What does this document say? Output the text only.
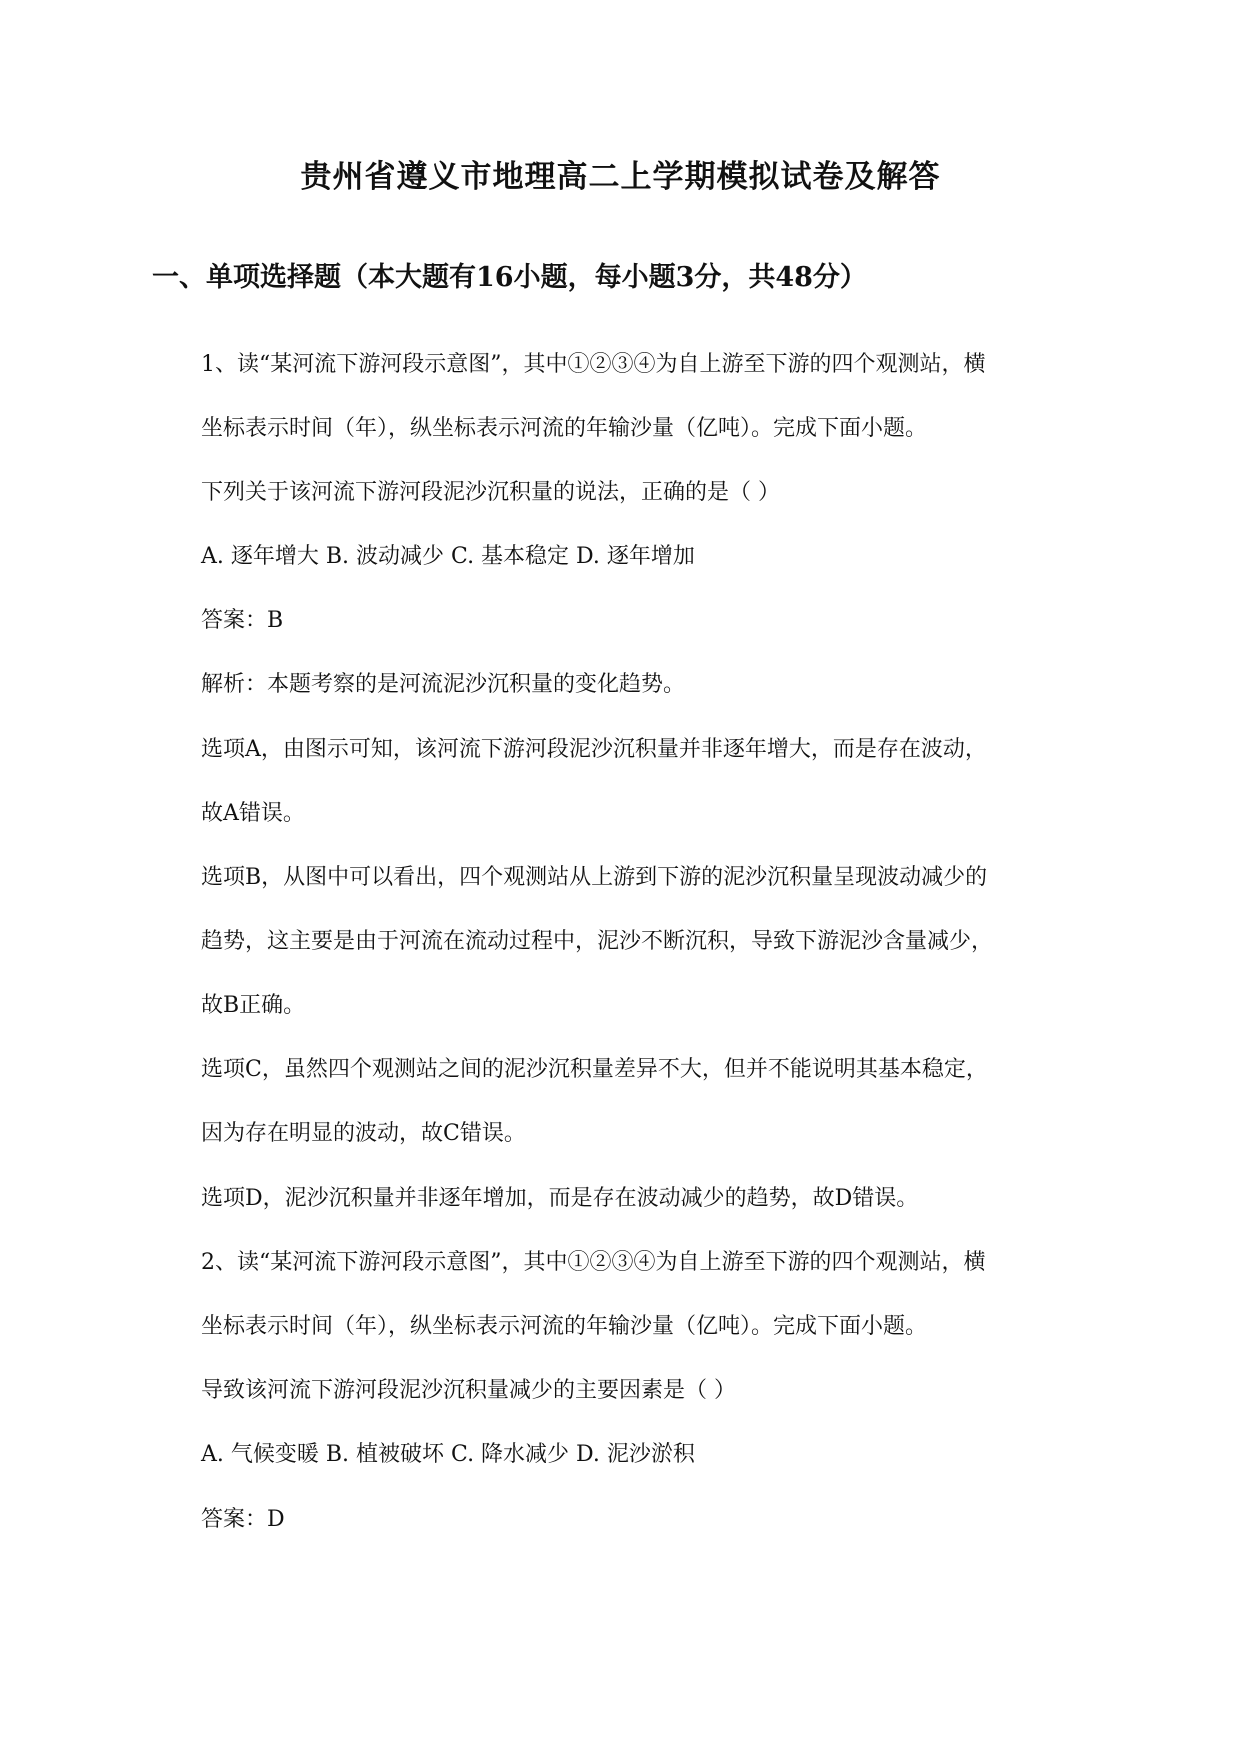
贵州省遵义市地理高二上学期模拟试卷及解答
一、单项选择题（本大题有16小题，每小题3分，共48分）
1、读“某河流下游河段示意图”，其中①②③④为自上游至下游的四个观测站，横
坐标表示时间（年），纵坐标表示河流的年输沙量（亿吨）。完成下面小题。
下列关于该河流下游河段泥沙沉积量的说法，正确的是（ ）
A. 逐年增大 B. 波动减少 C. 基本稳定 D. 逐年增加
答案：B
解析：本题考察的是河流泥沙沉积量的变化趋势。
选项A，由图示可知，该河流下游河段泥沙沉积量并非逐年增大，而是存在波动，
故A错误。
选项B，从图中可以看出，四个观测站从上游到下游的泥沙沉积量呈现波动减少的
趋势，这主要是由于河流在流动过程中，泥沙不断沉积，导致下游泥沙含量减少，
故B正确。
选项C，虽然四个观测站之间的泥沙沉积量差异不大，但并不能说明其基本稳定，
因为存在明显的波动，故C错误。
选项D，泥沙沉积量并非逐年增加，而是存在波动减少的趋势，故D错误。
2、读“某河流下游河段示意图”，其中①②③④为自上游至下游的四个观测站，横
坐标表示时间（年），纵坐标表示河流的年输沙量（亿吨）。完成下面小题。
导致该河流下游河段泥沙沉积量减少的主要因素是（ ）
A. 气候变暖 B. 植被破坏 C. 降水减少 D. 泥沙淤积
答案：D
